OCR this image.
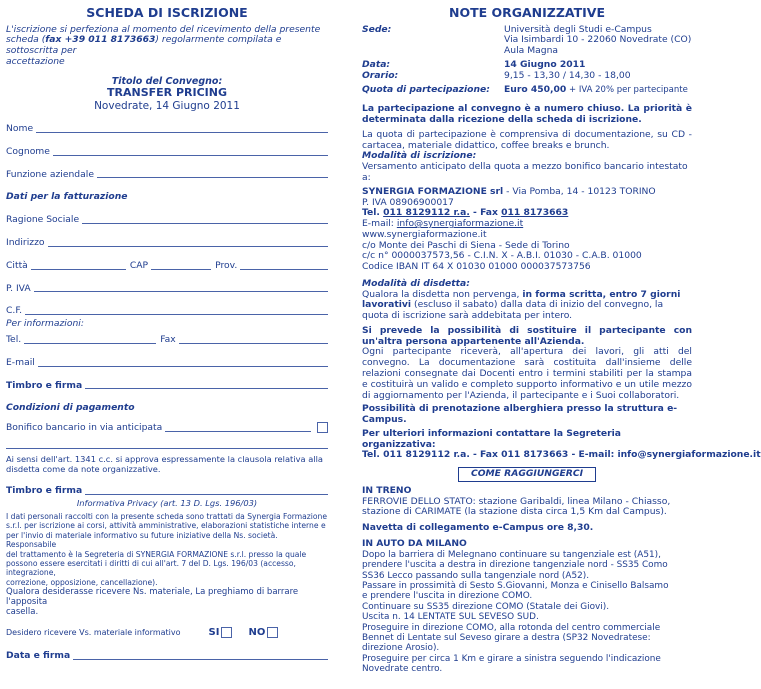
SCHEDA DI ISCRIZIONE

L'iscrizione si perfeziona al momento del ricevimento della presente
scheda (fax +39 011 8173663) regolarmente compilata e sottoscritta per
accettazione

Titolo del Convegno:
TRANSFER PRICING
Novedrate, 14 Giugno 2011
Nome
Cognome
Funzione aziendale
Dati per la fatturazione
Ragione Sociale
Indirizzo
Città	CAP	Prov.
P. IVA
C.F.
Per informazioni:
Tel.	Fax
E-mail
Timbro e firma
Condizioni di pagamento
Bonifico bancario in via anticipata
Ai sensi dell'art. 1341 c.c. si approva espressamente la clausola relativa alla
disdetta come da note organizzative.
Timbro e firma
Informativa Privacy (art. 13 D. Lgs. 196/03)
I dati personali raccolti con la presente scheda sono trattati da Synergia Formazione
s.r.l. per iscrizione ai corsi, attività amministrative, elaborazioni statistiche interne e
per l'invio di materiale informativo su future iniziative della Ns. società. Responsabile
del trattamento è la Segreteria di SYNERGIA FORMAZIONE s.r.l. presso la quale
possono essere esercitati i diritti di cui all'art. 7 del D. Lgs. 196/03 (accesso, integrazione,
correzione, opposizione, cancellazione).
Qualora desiderasse ricevere Ns. materiale, La preghiamo di barrare l'apposita
casella.
Desidero ricevere Vs. materiale informativo	SI	NO
Data e firma
NOTE ORGANIZZATIVE
Sede:	Università degli Studi e-Campus
Via Isimbardi 10 - 22060 Novedrate (CO)
Aula Magna
Data:	14 Giugno 2011
Orario:	9,15 - 13,30 / 14,30 - 18,00
Quota di partecipazione:	Euro 450,00 + IVA 20% per partecipante

La partecipazione al convegno è a numero chiuso. La priorità è determinata dalla ricezione della scheda di iscrizione.

La quota di partecipazione è comprensiva di documentazione, su CD - cartacea, materiale didattico, coffee breaks e brunch.

Modalità di iscrizione:

Versamento anticipato della quota a mezzo bonifico bancario intestato a:

SYNERGIA FORMAZIONE srl - Via Pomba, 14 - 10123 TORINO
P. IVA 08906900017
Tel. 011 8129112 r.a. - Fax 011 8173663
E-mail: info@synergiaformazione.it
www.synergiaformazione.it
c/o Monte dei Paschi di Siena - Sede di Torino
c/c n° 0000037573,56 - C.I.N. X - A.B.I. 01030 - C.A.B. 01000
Codice IBAN IT 64 X 01030 01000 000037573756
Modalità di disdetta:

Qualora la disdetta non pervenga, in forma scritta, entro 7 giorni lavorativi (escluso il sabato) dalla data di inizio del convegno, la quota di iscrizione sarà addebitata per intero.

Si prevede la possibilità di sostituire il partecipante con un'altra persona appartenente all'Azienda.

Ogni partecipante riceverà, all'apertura dei lavori, gli atti del convegno. La documentazione sarà costituita dall'insieme delle relazioni consegnate dai Docenti entro i termini stabiliti per la stampa e costituirà un valido e completo supporto informativo e un utile mezzo di aggiornamento per l'Azienda, il partecipante e i Suoi collaboratori.

Possibilità di prenotazione alberghiera presso la struttura e-Campus.

Per ulteriori informazioni contattare la Segreteria organizzativa:

Tel. 011 8129112 r.a. - Fax 011 8173663 - E-mail: info@synergiaformazione.it

COME RAGGIUNGERCI
IN TRENO

FERROVIE DELLO STATO: stazione Garibaldi, linea Milano - Chiasso, stazione di CARIMATE (la stazione dista circa 1,5 Km dal Campus).

Navetta di collegamento e-Campus ore 8,30.

IN AUTO DA MILANO
Dopo la barriera di Melegnano continuare su tangenziale est (A51),
prendere l'uscita a destra in direzione tangenziale nord - SS35 Como
SS36 Lecco passando sulla tangenziale nord (A52).
Passare in prossimità di Sesto S.Giovanni, Monza e Cinisello Balsamo
e prendere l'uscita in direzione COMO.
Continuare su SS35 direzione COMO (Statale dei Giovi).
Uscita n. 14 LENTATE SUL SEVESO SUD.
Proseguire in direzione COMO, alla rotonda del centro commerciale
Bennet di Lentate sul Seveso girare a destra (SP32 Novedratese: direzione Arosio).
Proseguire per circa 1 Km e girare a sinistra seguendo l'indicazione Novedrate centro.
